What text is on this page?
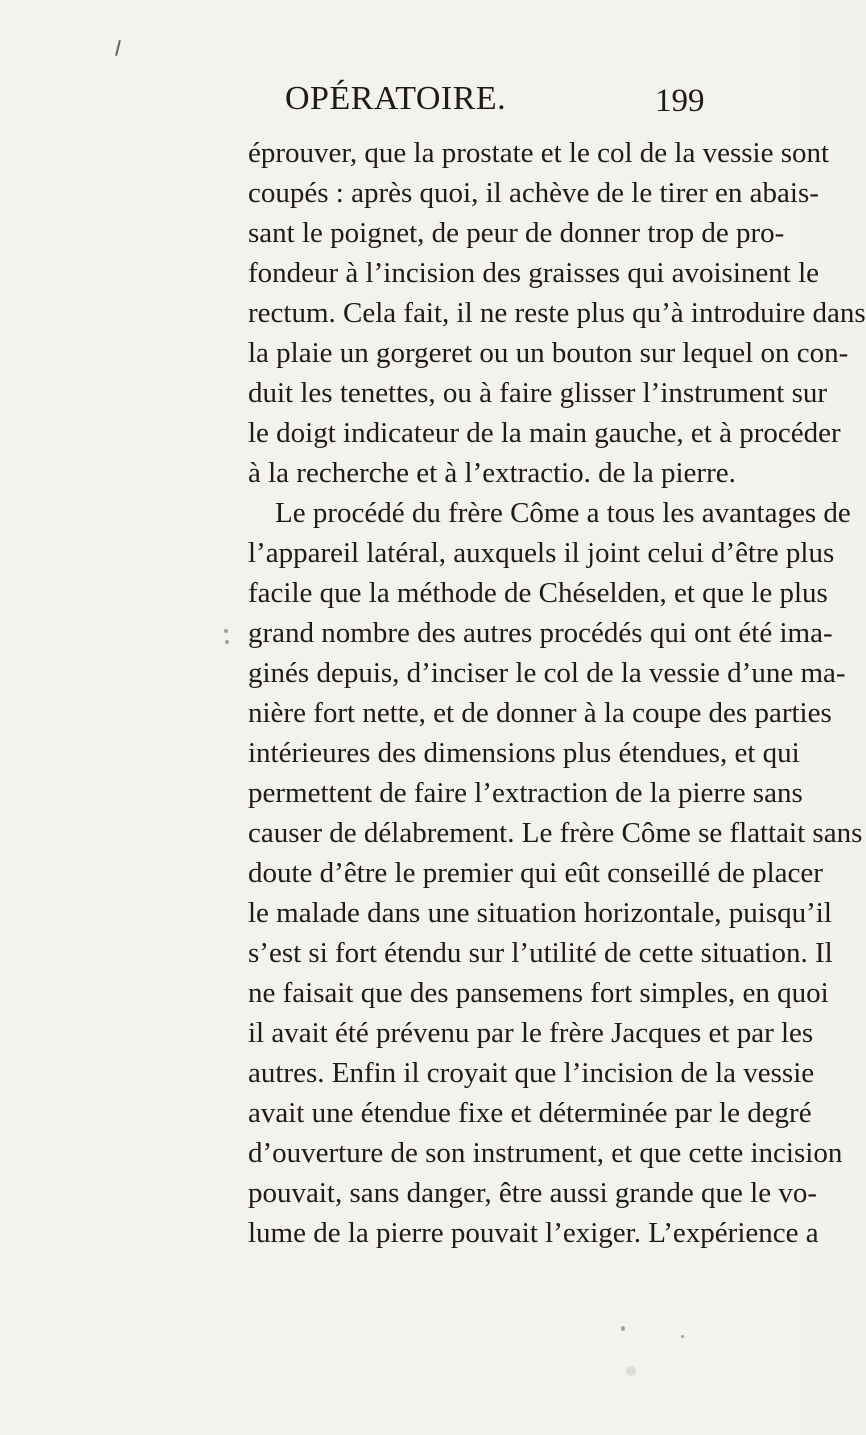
OPÉRATOIRE.	199
éprouver, que la prostate et le col de la vessie sont
coupés : après quoi, il achève de le tirer en abais-
sant le poignet, de peur de donner trop de pro-
fondeur à l’incision des graisses qui avoisinent le
rectum. Cela fait, il ne reste plus qu’à introduire dans
la plaie un gorgeret ou un bouton sur lequel on con-
duit les tenettes, ou à faire glisser l’instrument sur
le doigt indicateur de la main gauche, et à procéder
à la recherche et à l’extractio. de la pierre.
Le procédé du frère Côme a tous les avantages de
l’appareil latéral, auxquels il joint celui d’être plus
facile que la méthode de Chéselden, et que le plus
grand nombre des autres procédés qui ont été ima-
ginés depuis, d’inciser le col de la vessie d’une ma-
nière fort nette, et de donner à la coupe des parties
intérieures des dimensions plus étendues, et qui
permettent de faire l’extraction de la pierre sans
causer de délabrement. Le frère Côme se flattait sans
doute d’être le premier qui eût conseillé de placer
le malade dans une situation horizontale, puisqu’il
s’est si fort étendu sur l’utilité de cette situation. Il
ne faisait que des pansemens fort simples, en quoi
il avait été prévenu par le frère Jacques et par les
autres. Enfin il croyait que l’incision de la vessie
avait une étendue fixe et déterminée par le degré
d’ouverture de son instrument, et que cette incision
pouvait, sans danger, être aussi grande que le vo-
lume de la pierre pouvait l’exiger. L’expérience a
